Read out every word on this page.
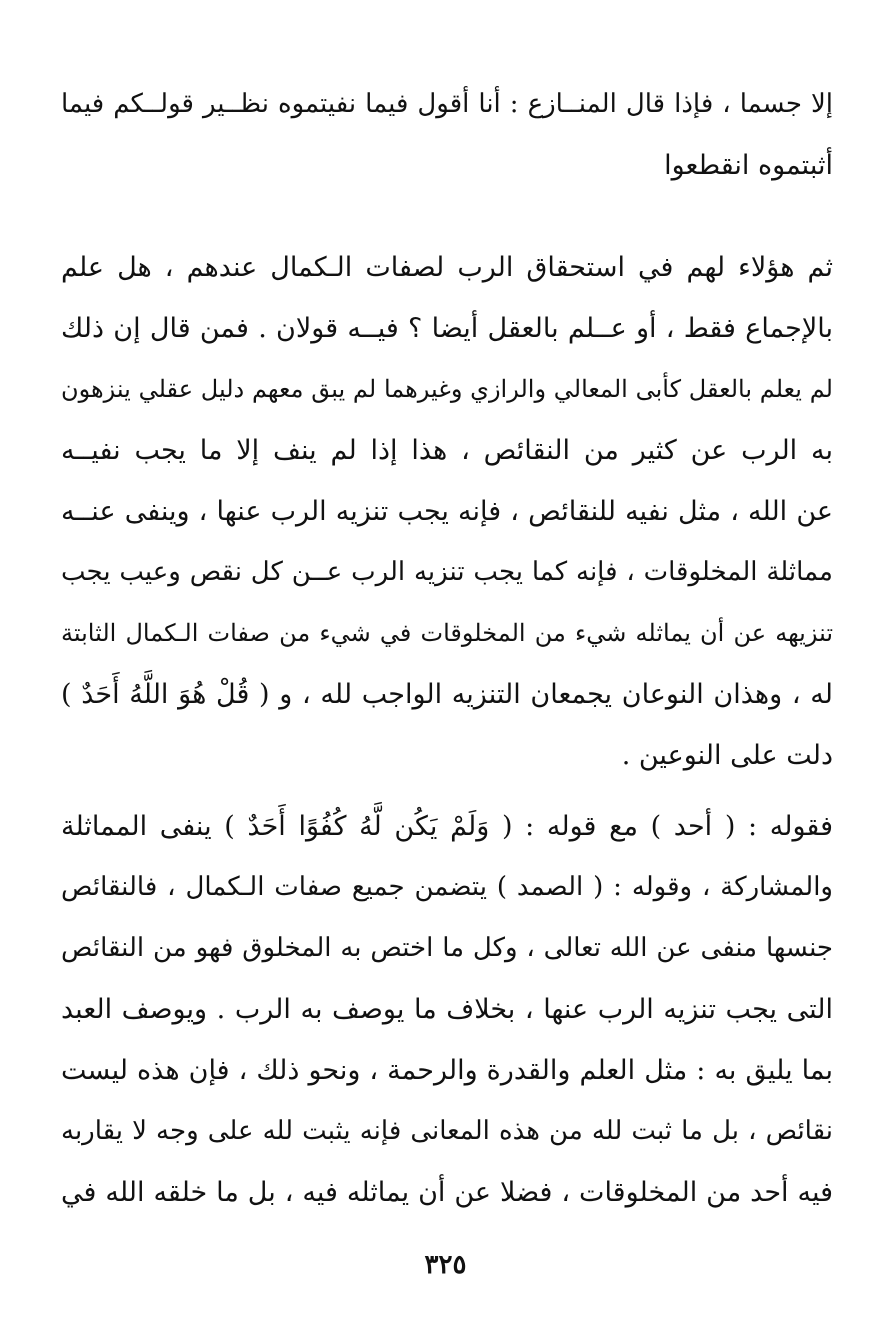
إلا جسما ، فإذا قال المنــازع : أنا أقول فيما نفيتموه نظــير قولــكم فيما
أثبتموه انقطعوا
ثم هؤلاء لهم في استحقاق الرب لصفات الـكمال عندهم ، هل علم
بالإجماع فقط ، أو عــلم بالعقل أيضا ؟ فيــه قولان . فمن قال إن ذلك
لم يعلم بالعقل كأبى المعالي والرازي وغيرهما لم يبق معهم دليل عقلي ينزهون
به الرب عن كثير من النقائص ، هذا إذا لم ينف إلا ما يجب نفيــه
عن الله ، مثل نفيه للنقائص ، فإنه يجب تنزيه الرب عنها ، وينفى عنــه
مماثلة المخلوقات ، فإنه كما يجب تنزيه الرب عــن كل نقص وعيب يجب
تنزيهه عن أن يماثله شيء من المخلوقات في شيء من صفات الـكمال الثابتة
له ، وهذان النوعان يجمعان التنزيه الواجب لله ، و ( قُلْ هُوَ اللَّهُ أَحَدٌ )
دلت على النوعين .
فقوله : ( أحد ) مع قوله : ( وَلَمْ يَكُن لَّهُ كُفُوًا أَحَدٌ ) ينفى المماثلة
والمشاركة ، وقوله : ( الصمد ) يتضمن جميع صفات الـكمال ، فالنقائص
جنسها منفى عن الله تعالى ، وكل ما اختص به المخلوق فهو من النقائص
التى يجب تنزيه الرب عنها ، بخلاف ما يوصف به الرب . ويوصف العبد
بما يليق به : مثل العلم والقدرة والرحمة ، ونحو ذلك ، فإن هذه ليست
نقائص ، بل ما ثبت لله من هذه المعانى فإنه يثبت لله على وجه لا يقاربه
فيه أحد من المخلوقات ، فضلا عن أن يماثله فيه ، بل ما خلقه الله في
٣٢٥
